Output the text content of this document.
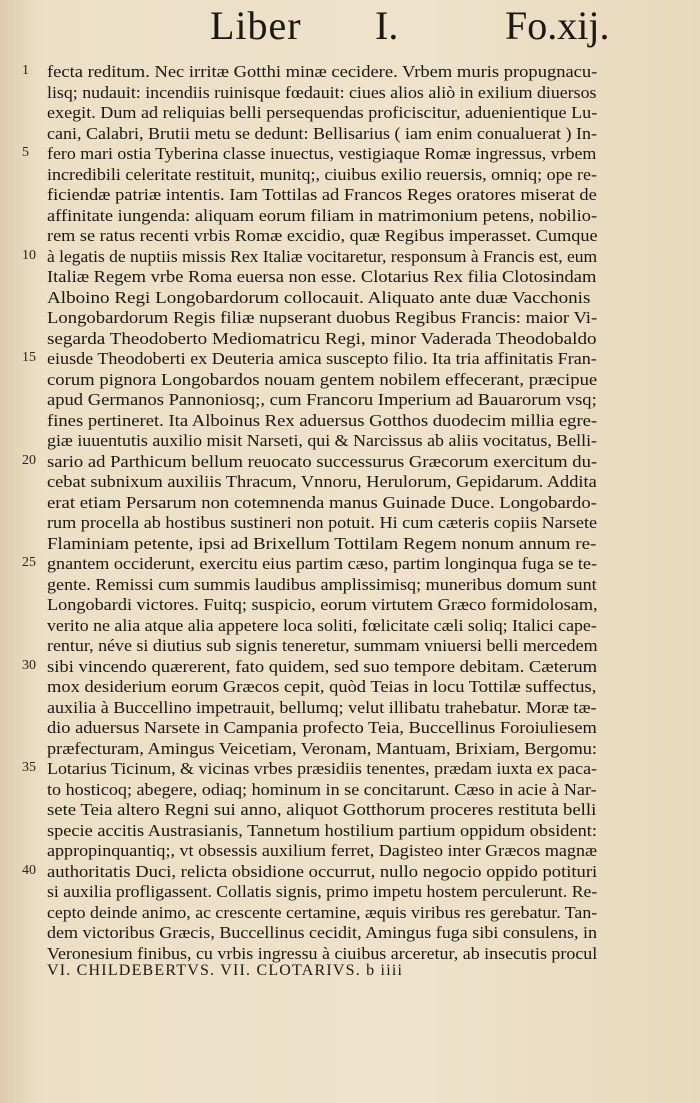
Liber I.	Fo.xij.
1	fecta reditum. Nec irritæ Gotthi minæ cecidere. Vrbem muris propugnacu-
lisq; nudauit: incendiis ruinisque fœdauit: ciues alios aliò in exilium diuersos
exegit. Dum ad reliquias belli persequendas proficiscitur, aduenientique Lu-
cani, Calabri, Brutii metu se dedunt: Bellisarius ( iam enim conualuerat ) In-
5	fero mari ostia Tyberina classe inuectus, vestigiaque Romæ ingressus, vrbem
incredibili celeritate restituit, munitq;, ciuibus exilio reuersis, omniq; ope re-
ficiendæ patriæ intentis. Iam Tottilas ad Francos Reges oratores miserat de
affinitate iungenda: aliquam eorum filiam in matrimonium petens, nobilio-
rem se ratus recenti vrbis Romæ excidio, quæ Regibus imperasset. Cumque
10 à legatis de nuptiis missis Rex Italiæ vocitaretur, responsum à Francis est, eum
Italiæ Regem vrbe Roma euersa non esse. Clotarius Rex filia Clotosindam
Alboino Regi Longobardorum collocauit. Aliquato ante duæ Vacchonis
Longobardorum Regis filiæ nupserant duobus Regibus Francis: maior Vi-
segarda Theodoberto Mediomatricu Regi, minor Vaderada Theodobaldo
15 eiusde Theodoberti ex Deuteria amica suscepto filio. Ita tria affinitatis Fran-
corum pignora Longobardos nouam gentem nobilem effecerant, præcipue
apud Germanos Pannoniosq;, cum Francoru Imperium ad Bauarorum vsq;
fines pertineret. Ita Alboinus Rex aduersus Gotthos duodecim millia egre-
giæ iuuentutis auxilio misit Narseti, qui & Narcissus ab aliis vocitatus, Belli-
20 sario ad Parthicum bellum reuocato successurus Græcorum exercitum du-
cebat subnixum auxiliis Thracum, Vnnoru, Herulorum, Gepidarum. Addita
erat etiam Persarum non cotemnenda manus Guinade Duce. Longobardo-
rum procella ab hostibus sustineri non potuit. Hi cum cæteris copiis Narsete
Flaminiam petente, ipsi ad Brixellum Tottilam Regem nonum annum re-
25 gnantem occiderunt, exercitu eius partim cæso, partim longinqua fuga se te-
gente. Remissi cum summis laudibus amplissimisq; muneribus domum sunt
Longobardi victores. Fuitq; suspicio, eorum virtutem Græco formidolosam,
verito ne alia atque alia appetere loca soliti, fœlicitate cæli soliq; Italici cape-
rentur, néve si diutius sub signis teneretur, summam vniuersi belli mercedem
30 sibi vincendo quærerent, fato quidem, sed suo tempore debitam. Cæterum
mox desiderium eorum Græcos cepit, quòd Teias in locu Tottilæ suffectus,
auxilia à Buccellino impetrauit, bellumq; velut illibatu trahebatur. Moræ tæ-
dio aduersus Narsete in Campania profecto Teia, Buccellinus Foroiuliesem
præfecturam, Amingus Veicetiam, Veronam, Mantuam, Brixiam, Bergomu:
35 Lotarius Ticinum, & vicinas vrbes præsidiis tenentes, prædam iuxta ex paca-
to hosticoq; abegere, odiaq; hominum in se concitarunt. Cæso in acie à Nar-
sete Teia altero Regni sui anno, aliquot Gotthorum proceres restituta belli
specie accitis Austrasianis, Tannetum hostilium partium oppidum obsident:
appropinquantiq;, vt obsessis auxilium ferret, Dagisteo inter Græcos magnæ
40 authoritatis Duci, relicta obsidione occurrut, nullo negocio oppido potituri
si auxilia profligassent. Collatis signis, primo impetu hostem perculerunt. Re-
cepto deinde animo, ac crescente certamine, æquis viribus res gerebatur. Tan-
dem victoribus Græcis, Buccellinus cecidit, Amingus fuga sibi consulens, in
Veronesium finibus, cu vrbis ingressu à ciuibus arceretur, ab insecutis procul
VI. CHILDEBERTVS. VII. CLOTARIVS. b iiii
